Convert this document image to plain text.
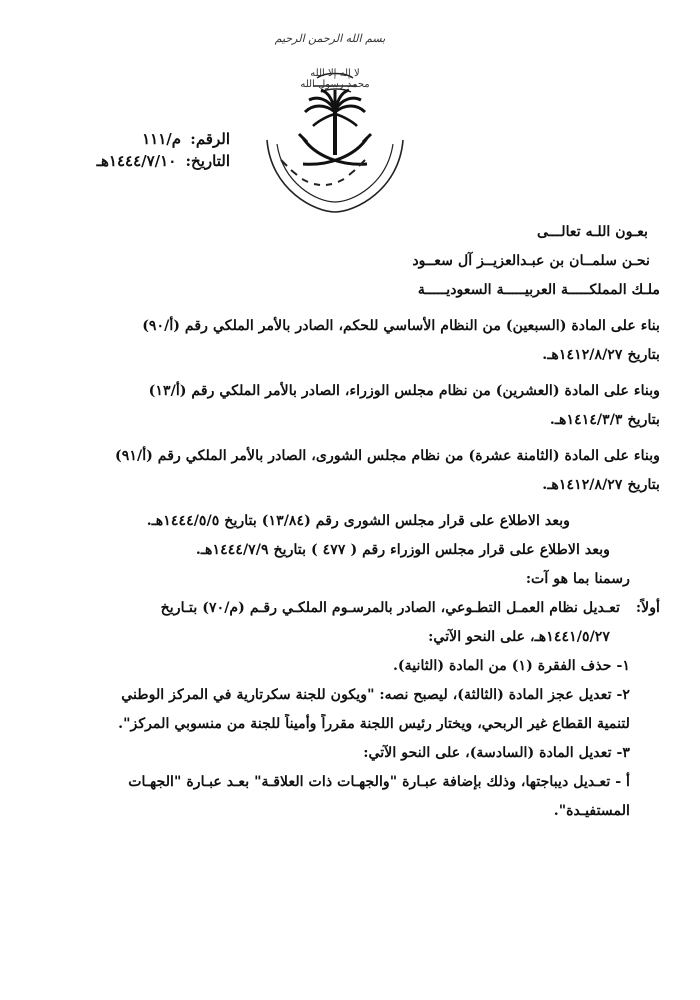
بسم الله الرحمن الرحيم
لا إله إلا الله محمد رسول الله
الرقم: م/١١١
التاريخ: ١٤٤٤/٧/١٠هـ
بعـون اللـه تعالـــى
نحـن سلمــان بن عبـدالعزيــز آل سعــود
ملـك المملكـــــة العربيـــــة السعوديـــــة
بناء على المادة (السبعين) من النظام الأساسي للحكم، الصادر بالأمر الملكي رقم (أ/٩٠)
بتاريخ ١٤١٢/٨/٢٧هـ.
وبناء على المادة (العشرين) من نظام مجلس الوزراء، الصادر بالأمر الملكي رقم (أ/١٣)
بتاريخ ١٤١٤/٣/٣هـ.
وبناء على المادة (الثامنة عشرة) من نظام مجلس الشورى، الصادر بالأمر الملكي رقم (أ/٩١)
بتاريخ ١٤١٢/٨/٢٧هـ.
وبعد الاطلاع على قرار مجلس الشورى رقم (١٣/٨٤) بتاريخ ١٤٤٤/٥/٥هـ.
وبعد الاطلاع على قرار مجلس الوزراء رقم ( ٤٧٧ ) بتاريخ ١٤٤٤/٧/٩هـ.
رسمنا بما هو آت:
أولاً:
تعـديل نظام العمـل التطـوعي، الصادر بالمرسـوم الملكـي رقـم (م/٧٠) بتـاريخ
١٤٤١/٥/٢٧هـ، على النحو الآتي:
١- حذف الفقرة (١) من المادة (الثانية).
٢- تعديل عجز المادة (الثالثة)، ليصبح نصه: "ويكون للجنة سكرتارية في المركز الوطني
لتنمية القطاع غير الربحي، ويختار رئيس اللجنة مقرراً وأميناً للجنة من منسوبي المركز".
٣- تعديل المادة (السادسة)، على النحو الآتي:
أ - تعـديل ديباجتها، وذلك بإضافة عبـارة "والجهـات ذات العلاقـة" بعـد عبـارة "الجهـات
المستفيـدة".
